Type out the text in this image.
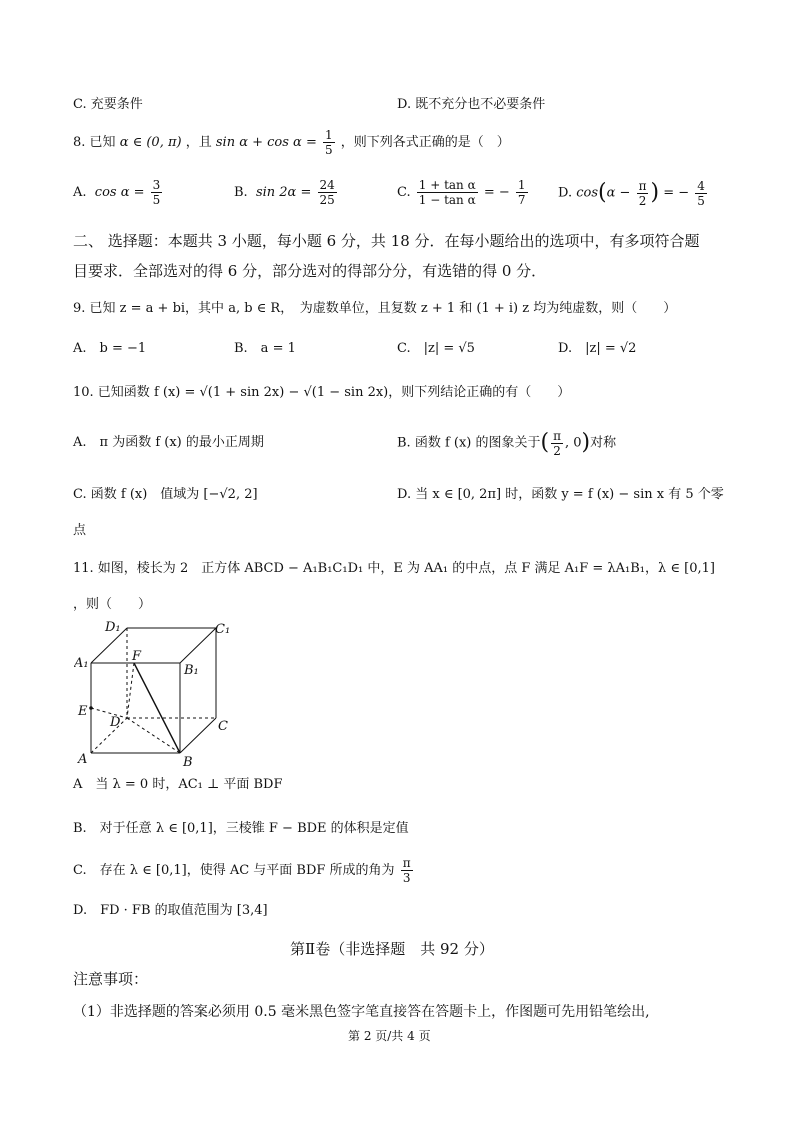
C. 充要条件	D. 既不充分也不必要条件
8. 已知 α ∈ (0, π) ，且 $\sin \alpha + \cos \alpha = \frac{1}{5}$ ，则下列各式正确的是（　）
A. $\cos \alpha = \frac{3}{5}$	B. $\sin 2\alpha = \frac{24}{25}$	C. $\frac{\text{1 + tan α}}{\text{1 − tan α}}$ = − $\frac{1}{7} D$. $\cos(\alpha - \frac{\pi}{2}$ ) = − $\frac{4}{5}$
二、 选择题：本题共 3 小题，每小题 6 分，共 18 分．在每小题给出的选项中，有多项符合题
目要求．全部选对的得 6 分，部分选对的得部分分，有选错的得 0 分．
9. 已知 z = a + bi，其中 a, b ∈ R，　为虚数单位，且复数 z + 1 和 (1 + i) z 均为纯虚数，则（　　）
A.　b = −1	B.　a = 1	C.　|z| = √5	D.　|z| = √2
10. 已知函数 f (x) = √(1 + sin 2x) − √(1 − sin 2x)，则下列结论正确的有（　　）
A.　π 为函数 f (x) 的最小正周期	B. 函数 f (x) 的图象关于( $\frac{\pi}{2}$ , 0)对称
C. 函数 f (x)　值域为 [−√2, 2]	D. 当 x ∈ [0, 2π] 时，函数 y = f (x) − sin x 有 5 个零
点
11. 如图，棱长为 2　正方体 ABCD − A₁B₁C₁D₁ 中，E 为 AA₁ 的中点，点 F 满足 A₁F = λA₁B₁，λ ∈ [0,1]
，则（　　）
D₁	C₁
A₁	F
B₁
E
D	C
A	B
A　当 λ = 0 时，AC₁ ⊥ 平面 BDF
B.　对于任意 λ ∈ [0,1]，三棱锥 F − BDE 的体积是定值
C.　存在 λ ∈ [0,1]，使得 AC 与平面 BDF 所成的角为 $\frac{\pi}{3}$
D.　FD · FB 的取值范围为 [3,4]
第Ⅱ卷（非选择题　共 92 分）
注意事项：
（1）非选择题的答案必须用 0.5 毫米黑色签字笔直接答在答题卡上，作图题可先用铅笔绘出,
第 2 页/共 4 页
